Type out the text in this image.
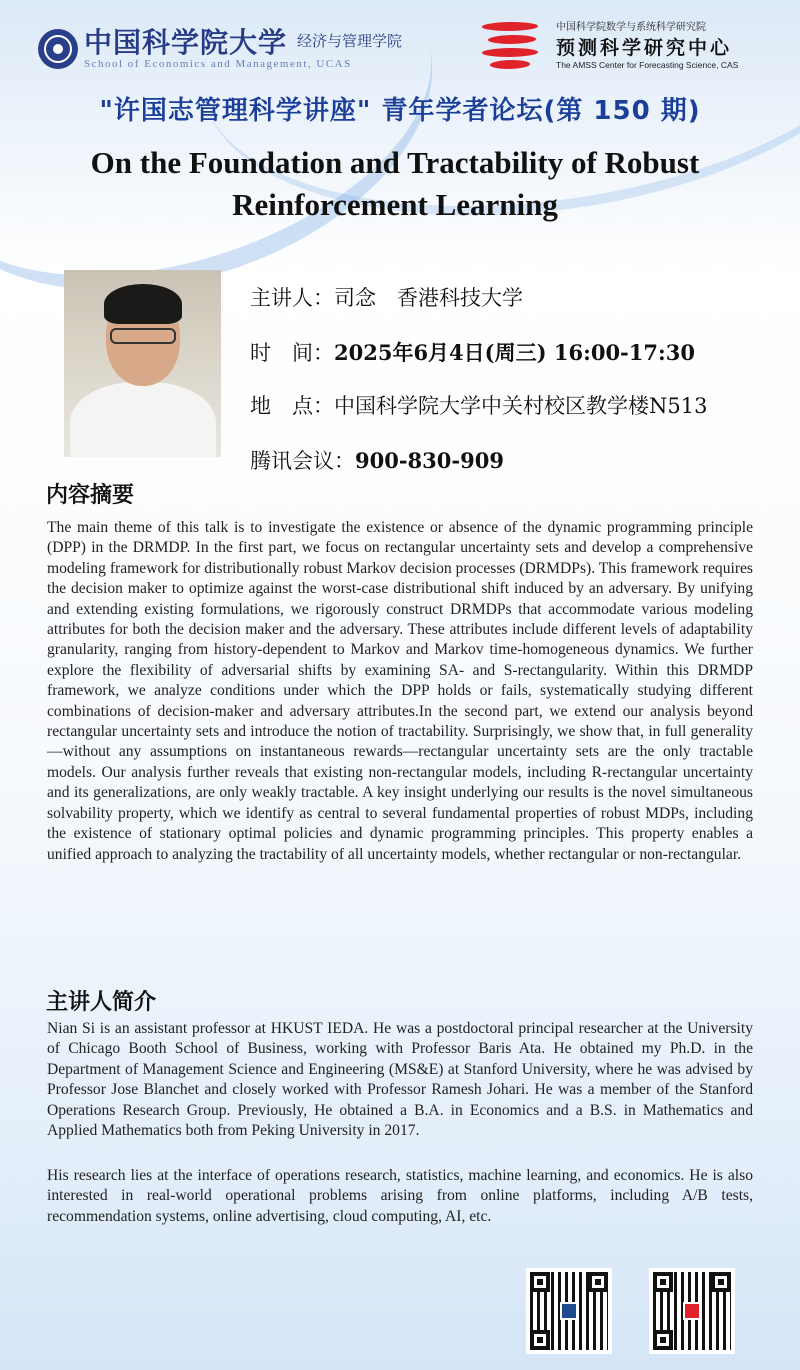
中国科学院大学 经济与管理学院
School of Economics and Management, UCAS
中国科学院数学与系统科学研究院
预测科学研究中心
The AMSS Center for Forecasting Science, CAS
"许国志管理科学讲座" 青年学者论坛(第 150 期)
On the Foundation and Tractability of Robust
Reinforcement Learning
主讲人：司念　香港科技大学
时　间：2025年6月4日(周三) 16:00-17:30
地　点：中国科学院大学中关村校区教学楼N513
腾讯会议：900-830-909
内容摘要

The main theme of this talk is to investigate the existence or absence of the dynamic programming principle (DPP) in the DRMDP. In the first part, we focus on rectangular uncertainty sets and develop a comprehensive modeling framework for distributionally robust Markov decision processes (DRMDPs). This framework requires the decision maker to optimize against the worst-case distributional shift induced by an adversary. By unifying and extending existing formulations, we rigorously construct DRMDPs that accommodate various modeling attributes for both the decision maker and the adversary. These attributes include different levels of adaptability granularity, ranging from history-dependent to Markov and Markov time-homogeneous dynamics. We further explore the flexibility of adversarial shifts by examining SA- and S-rectangularity. Within this DRMDP framework, we analyze conditions under which the DPP holds or fails, systematically studying different combinations of decision-maker and adversary attributes.In the second part, we extend our analysis beyond rectangular uncertainty sets and introduce the notion of tractability. Surprisingly, we show that, in full generality—without any assumptions on instantaneous rewards—rectangular uncertainty sets are the only tractable models. Our analysis further reveals that existing non-rectangular models, including R-rectangular uncertainty and its generalizations, are only weakly tractable. A key insight underlying our results is the novel simultaneous solvability property, which we identify as central to several fundamental properties of robust MDPs, including the existence of stationary optimal policies and dynamic programming principles. This property enables a unified approach to analyzing the tractability of all uncertainty models, whether rectangular or non-rectangular.

主讲人简介

Nian Si is an assistant professor at HKUST IEDA. He was a postdoctoral principal researcher at the University of Chicago Booth School of Business, working with Professor Baris Ata. He obtained my Ph.D. in the Department of Management Science and Engineering (MS&E) at Stanford University, where he was advised by Professor Jose Blanchet and closely worked with Professor Ramesh Johari. He was a member of the Stanford Operations Research Group. Previously, He obtained a B.A. in Economics and a B.S. in Mathematics and Applied Mathematics both from Peking University in 2017.

His research lies at the interface of operations research, statistics, machine learning, and economics. He is also interested in real-world operational problems arising from online platforms, including A/B tests, recommendation systems, online advertising, cloud computing, AI, etc.
